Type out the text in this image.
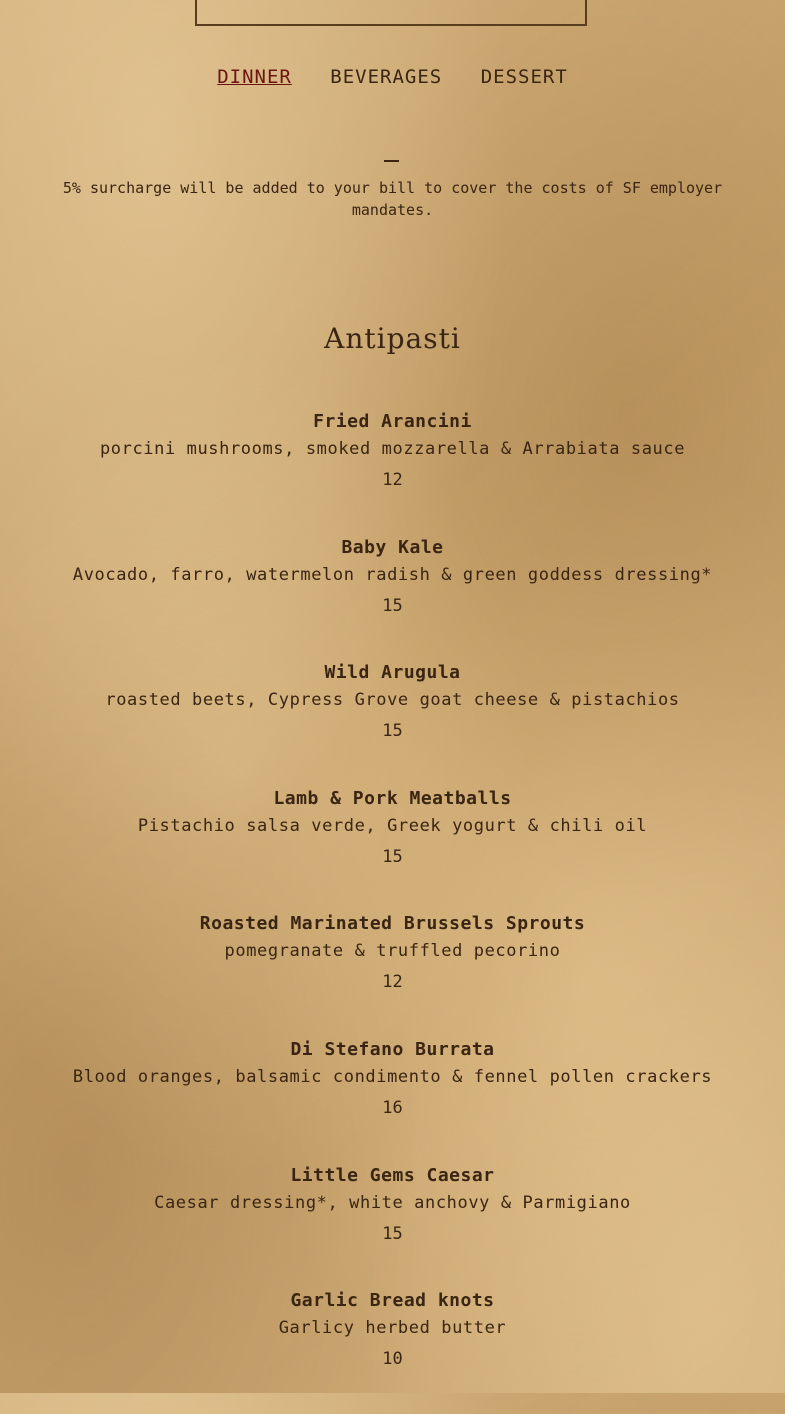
DINNER BEVERAGES DESSERT

5% surcharge will be added to your bill to cover the costs of SF employer mandates.

Antipasti
Fried Arancini
porcini mushrooms, smoked mozzarella & Arrabiata sauce
12
Baby Kale
Avocado, farro, watermelon radish & green goddess dressing*
15
Wild Arugula
roasted beets, Cypress Grove goat cheese & pistachios
15
Lamb & Pork Meatballs
Pistachio salsa verde, Greek yogurt & chili oil
15
Roasted Marinated Brussels Sprouts
pomegranate & truffled pecorino
12
Di Stefano Burrata
Blood oranges, balsamic condimento & fennel pollen crackers
16
Little Gems Caesar
Caesar dressing*, white anchovy & Parmigiano
15
Garlic Bread knots
Garlicy herbed butter
10
